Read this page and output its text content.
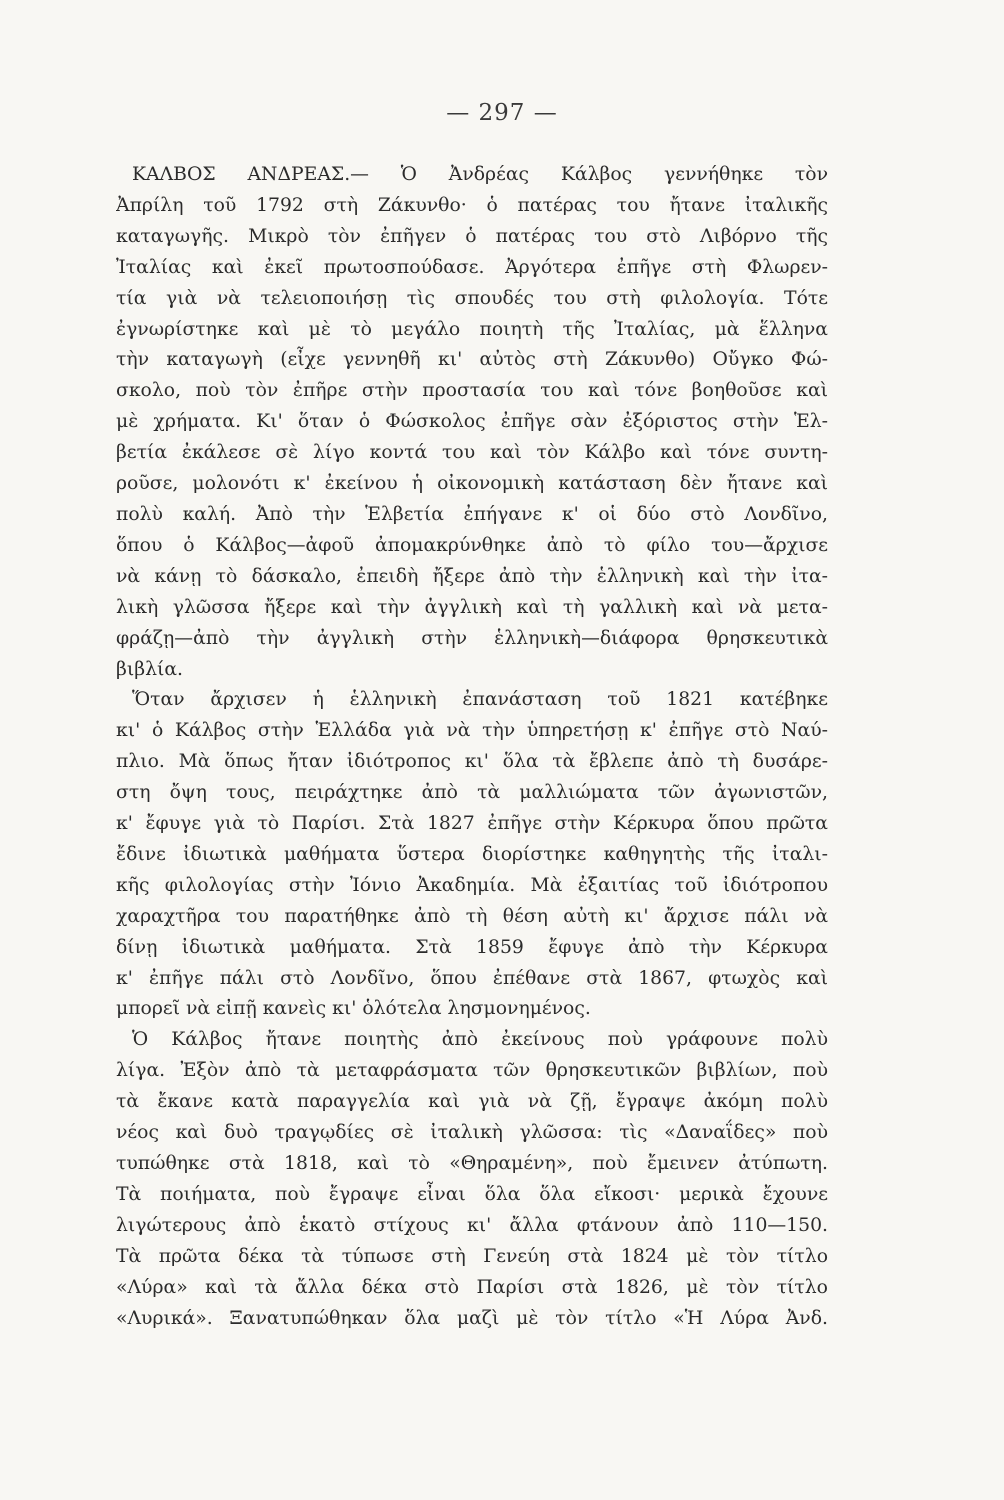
— 297 —
ΚΑΛΒΟΣ ΑΝΔΡΕΑΣ.— Ὁ Ἀνδρέας Κάλβος γεννήθηκε τὸν
Ἀπρίλη τοῦ 1792 στὴ Ζάκυνθο· ὁ πατέρας του ἤτανε ἰταλικῆς
καταγωγῆς. Μικρὸ τὸν ἐπῆγεν ὁ πατέρας του στὸ Λιβόρνο τῆς
Ἰταλίας καὶ ἐκεῖ πρωτοσπούδασε. Ἀργότερα ἐπῆγε στὴ Φλωρεν-
τία γιὰ νὰ τελειοποιήσῃ τὶς σπουδές του στὴ φιλολογία. Τότε
ἐγνωρίστηκε καὶ μὲ τὸ μεγάλο ποιητὴ τῆς Ἰταλίας, μὰ ἕλληνα
τὴν καταγωγὴ (εἶχε γεννηθῆ κι' αὐτὸς στὴ Ζάκυνθο) Οὔγκο Φώ-
σκολο, ποὺ τὸν ἐπῆρε στὴν προστασία του καὶ τόνε βοηθοῦσε καὶ
μὲ χρήματα. Κι' ὅταν ὁ Φώσκολος ἐπῆγε σὰν ἐξόριστος στὴν Ἑλ-
βετία ἐκάλεσε σὲ λίγο κοντά του καὶ τὸν Κάλβο καὶ τόνε συντη-
ροῦσε, μολονότι κ' ἐκείνου ἡ οἰκονομικὴ κατάσταση δὲν ἤτανε καὶ
πολὺ καλή. Ἀπὸ τὴν Ἑλβετία ἐπήγανε κ' οἱ δύο στὸ Λονδῖνο,
ὅπου ὁ Κάλβος—ἀφοῦ ἀπομακρύνθηκε ἀπὸ τὸ φίλο του—ἄρχισε
νὰ κάνῃ τὸ δάσκαλο, ἐπειδὴ ἤξερε ἀπὸ τὴν ἑλληνικὴ καὶ τὴν ἰτα-
λικὴ γλῶσσα ἤξερε καὶ τὴν ἀγγλικὴ καὶ τὴ γαλλικὴ καὶ νὰ μετα-
φράζῃ—ἀπὸ τὴν ἀγγλικὴ στὴν ἑλληνικὴ—διάφορα θρησκευτικὰ
βιβλία.
Ὅταν ἄρχισεν ἡ ἑλληνικὴ ἐπανάσταση τοῦ 1821 κατέβηκε
κι' ὁ Κάλβος στὴν Ἑλλάδα γιὰ νὰ τὴν ὑπηρετήσῃ κ' ἐπῆγε στὸ Ναύ-
πλιο. Μὰ ὅπως ἤταν ἰδιότροπος κι' ὅλα τὰ ἔβλεπε ἀπὸ τὴ δυσάρε-
στη ὄψη τους, πειράχτηκε ἀπὸ τὰ μαλλιώματα τῶν ἀγωνιστῶν,
κ' ἔφυγε γιὰ τὸ Παρίσι. Στὰ 1827 ἐπῆγε στὴν Κέρκυρα ὅπου πρῶτα
ἔδινε ἰδιωτικὰ μαθήματα ὕστερα διορίστηκε καθηγητὴς τῆς ἰταλι-
κῆς φιλολογίας στὴν Ἰόνιο Ἀκαδημία. Μὰ ἐξαιτίας τοῦ ἰδιότροπου
χαραχτῆρα του παρατήθηκε ἀπὸ τὴ θέση αὐτὴ κι' ἄρχισε πάλι νὰ
δίνῃ ἰδιωτικὰ μαθήματα. Στὰ 1859 ἔφυγε ἀπὸ τὴν Κέρκυρα
κ' ἐπῆγε πάλι στὸ Λονδῖνο, ὅπου ἐπέθανε στὰ 1867, φτωχὸς καὶ
μπορεῖ νὰ εἰπῇ κανεὶς κι' ὁλότελα λησμονημένος.
Ὁ Κάλβος ἤτανε ποιητὴς ἀπὸ ἐκείνους ποὺ γράφουνε πολὺ
λίγα. Ἐξὸν ἀπὸ τὰ μεταφράσματα τῶν θρησκευτικῶν βιβλίων, ποὺ
τὰ ἔκανε κατὰ παραγγελία καὶ γιὰ νὰ ζῇ, ἔγραψε ἀκόμη πολὺ
νέος καὶ δυὸ τραγῳδίες σὲ ἰταλικὴ γλῶσσα: τὶς «Δαναΐδες» ποὺ
τυπώθηκε στὰ 1818, καὶ τὸ «Θηραμένη», ποὺ ἔμεινεν ἀτύπωτη.
Τὰ ποιήματα, ποὺ ἔγραψε εἶναι ὅλα ὅλα εἴκοσι· μερικὰ ἔχουνε
λιγώτερους ἀπὸ ἑκατὸ στίχους κι' ἄλλα φτάνουν ἀπὸ 110—150.
Τὰ πρῶτα δέκα τὰ τύπωσε στὴ Γενεύη στὰ 1824 μὲ τὸν τίτλο
«Λύρα» καὶ τὰ ἄλλα δέκα στὸ Παρίσι στὰ 1826, μὲ τὸν τίτλο
«Λυρικά». Ξανατυπώθηκαν ὅλα μαζὶ μὲ τὸν τίτλο «Ἡ Λύρα Ἀνδ.
